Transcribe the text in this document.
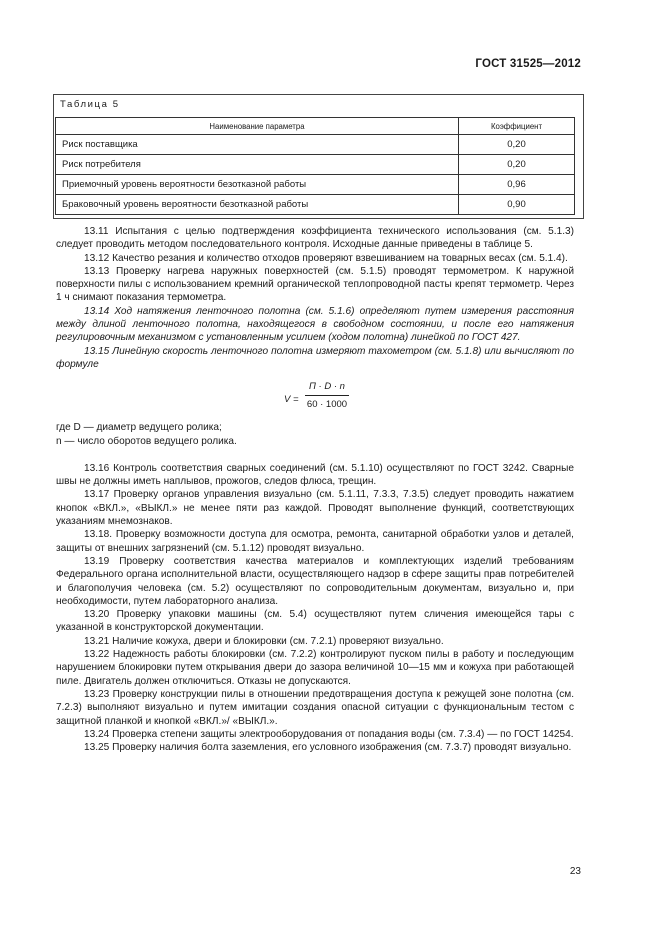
ГОСТ 31525—2012
Таблица 5
Наименование параметра	Коэффициент
Риск поставщика	0,20
Риск потребителя	0,20
Приемочный уровень вероятности безотказной работы	0,96
Браковочный уровень вероятности безотказной работы	0,90

13.11 Испытания с целью подтверждения коэффициента технического использования (см. 5.1.3) следует проводить методом последовательного контроля. Исходные данные приведены в таблице 5.

13.12 Качество резания и количество отходов проверяют взвешиванием на товарных весах (см. 5.1.4).

13.13 Проверку нагрева наружных поверхностей (см. 5.1.5) проводят термометром. К наружной поверхности пилы с использованием кремний органической теплопроводной пасты крепят термометр. Через 1 ч снимают показания термометра.

13.14 Ход натяжения ленточного полотна (см. 5.1.6) определяют путем измерения расстояния между длиной ленточного полотна, находящегося в свободном состоянии, и после его натяжения регулировочным механизмом с установленным усилием (ходом полотна) линейкой по ГОСТ 427.

13.15 Линейную скорость ленточного полотна измеряют тахометром (см. 5.1.8) или вычисляют по формуле

V =
П · D · n
60 · 1000

где D — диаметр ведущего ролика;

n — число оборотов ведущего ролика.

13.16 Контроль соответствия сварных соединений (см. 5.1.10) осуществляют по ГОСТ 3242. Сварные швы не должны иметь наплывов, прожогов, следов флюса, трещин.

13.17 Проверку органов управления визуально (см. 5.1.11, 7.3.3, 7.3.5) следует проводить нажатием кнопок «ВКЛ.», «ВЫКЛ.» не менее пяти раз каждой. Проводят выполнение функций, соответствующих указаниям мнемознаков.

13.18. Проверку возможности доступа для осмотра, ремонта, санитарной обработки узлов и деталей, защиты от внешних загрязнений (см. 5.1.12) проводят визуально.

13.19 Проверку соответствия качества материалов и комплектующих изделий требованиям Федерального органа исполнительной власти, осуществляющего надзор в сфере защиты прав потребителей и благополучия человека (см. 5.2) осуществляют по сопроводительным документам, визуально и, при необходимости, путем лабораторного анализа.

13.20 Проверку упаковки машины (см. 5.4) осуществляют путем сличения имеющейся тары с указанной в конструкторской документации.

13.21 Наличие кожуха, двери и блокировки (см. 7.2.1) проверяют визуально.

13.22 Надежность работы блокировки (см. 7.2.2) контролируют пуском пилы в работу и последующим нарушением блокировки путем открывания двери до зазора величиной 10—15 мм и кожуха при работающей пиле. Двигатель должен отключиться. Отказы не допускаются.

13.23 Проверку конструкции пилы в отношении предотвращения доступа к режущей зоне полотна (см. 7.2.3) выполняют визуально и путем имитации создания опасной ситуации с функциональным тестом с защитной планкой и кнопкой «ВКЛ.»/ «ВЫКЛ.».

13.24 Проверка степени защиты электрооборудования от попадания воды (см. 7.3.4) — по ГОСТ 14254.

13.25 Проверку наличия болта заземления, его условного изображения (см. 7.3.7) проводят визуально.

23
